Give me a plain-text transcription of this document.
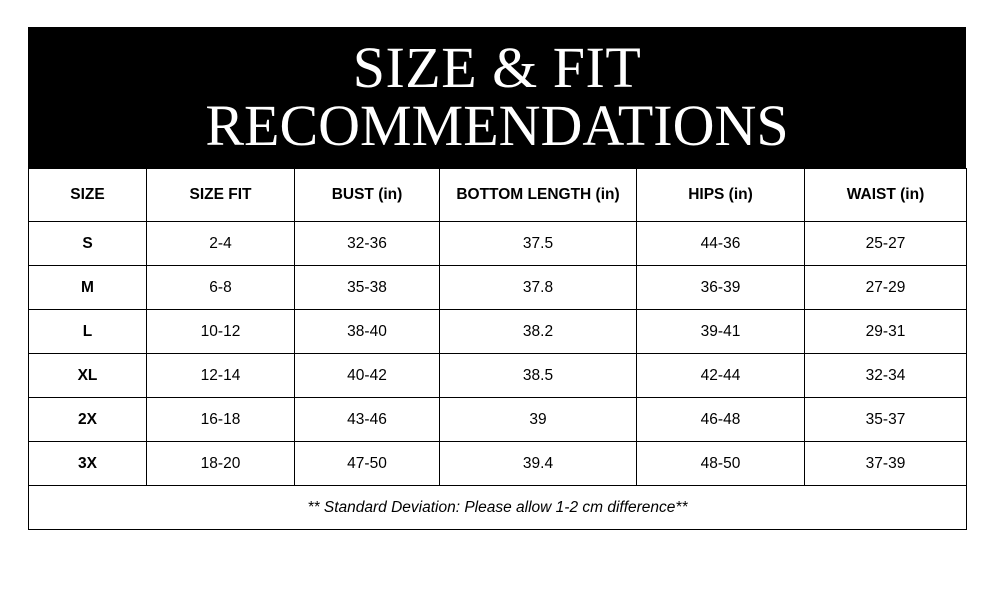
SIZE & FIT
RECOMMENDATIONS
SIZE	SIZE FIT	BUST (in)	BOTTOM LENGTH (in)	HIPS (in)	WAIST (in)
S	2-4	32-36	37.5	44-36	25-27
M	6-8	35-38	37.8	36-39	27-29
L	10-12	38-40	38.2	39-41	29-31
XL	12-14	40-42	38.5	42-44	32-34
2X	16-18	43-46	39	46-48	35-37
3X	18-20	47-50	39.4	48-50	37-39
** Standard Deviation: Please allow 1-2 cm difference**					
